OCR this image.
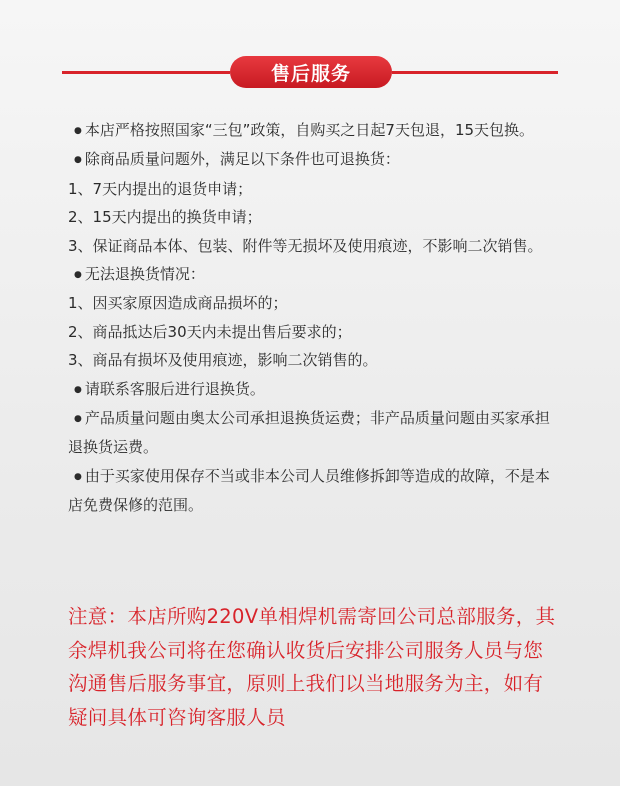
售后服务

● 本店严格按照国家“三包”政策，自购买之日起7天包退，15天包换。

● 除商品质量问题外，满足以下条件也可退换货：

1、7天内提出的退货申请；

2、15天内提出的换货申请；

3、保证商品本体、包装、附件等无损坏及使用痕迹，不影响二次销售。

● 无法退换货情况：

1、因买家原因造成商品损坏的；

2、商品抵达后30天内未提出售后要求的；

3、商品有损坏及使用痕迹，影响二次销售的。

● 请联系客服后进行退换货。

● 产品质量问题由奥太公司承担退换货运费；非产品质量问题由买家承担退换货运费。

● 由于买家使用保存不当或非本公司人员维修拆卸等造成的故障，不是本店免费保修的范围。

注意：本店所购220V单相焊机需寄回公司总部服务，其余焊机我公司将在您确认收货后安排公司服务人员与您沟通售后服务事宜，原则上我们以当地服务为主，如有疑问具体可咨询客服人员
